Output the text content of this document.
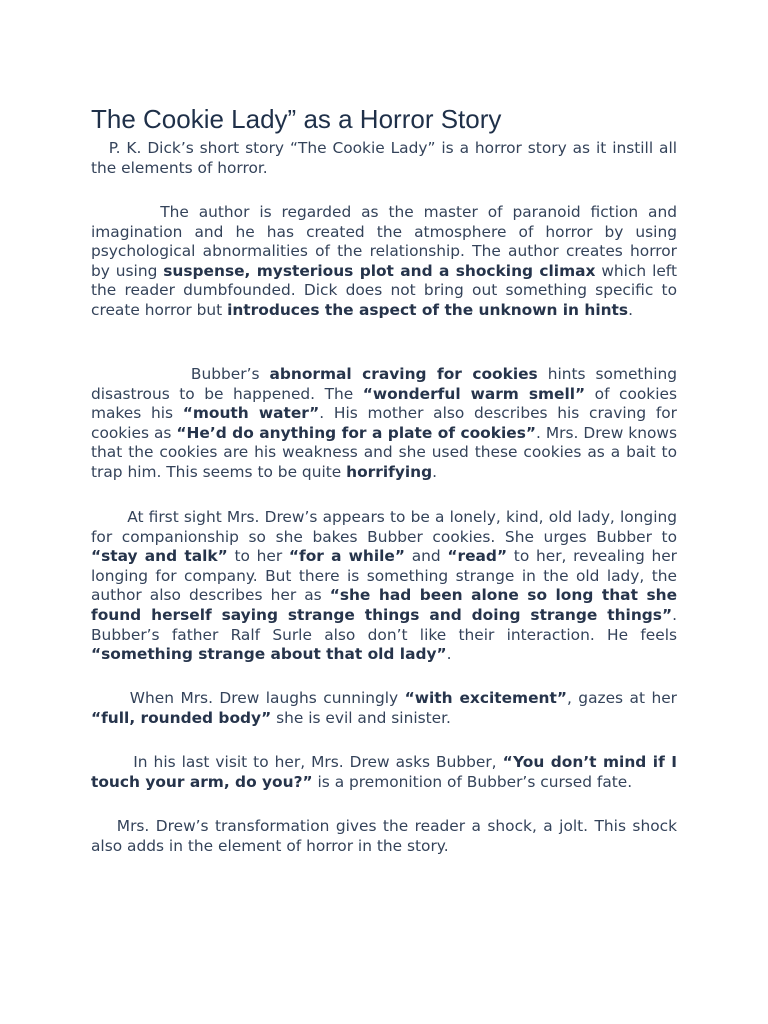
The Cookie Lady” as a Horror Story

P. K. Dick’s short story “The Cookie Lady” is a horror story as it instill all the elements of horror.

The author is regarded as the master of paranoid fiction and imagination and he has created the atmosphere of horror by using psychological abnormalities of the relationship. The author creates horror by using suspense, mysterious plot and a shocking climax which left the reader dumbfounded. Dick does not bring out something specific to create horror but introduces the aspect of the unknown in hints.

Bubber’s abnormal craving for cookies hints something disastrous to be happened. The “wonderful warm smell” of cookies makes his “mouth water”. His mother also describes his craving for cookies as “He’d do anything for a plate of cookies”. Mrs. Drew knows that the cookies are his weakness and she used these cookies as a bait to trap him. This seems to be quite horrifying.

At first sight Mrs. Drew’s appears to be a lonely, kind, old lady, longing for companionship so she bakes Bubber cookies. She urges Bubber to “stay and talk” to her “for a while” and “read” to her, revealing her longing for company. But there is something strange in the old lady, the author also describes her as “she had been alone so long that she found herself saying strange things and doing strange things”. Bubber’s father Ralf Surle also don’t like their interaction. He feels “something strange about that old lady”.

When Mrs. Drew laughs cunningly “with excitement”, gazes at her “full, rounded body” she is evil and sinister.

In his last visit to her, Mrs. Drew asks Bubber, “You don’t mind if I touch your arm, do you?” is a premonition of Bubber’s cursed fate.

Mrs. Drew’s transformation gives the reader a shock, a jolt. This shock also adds in the element of horror in the story.
